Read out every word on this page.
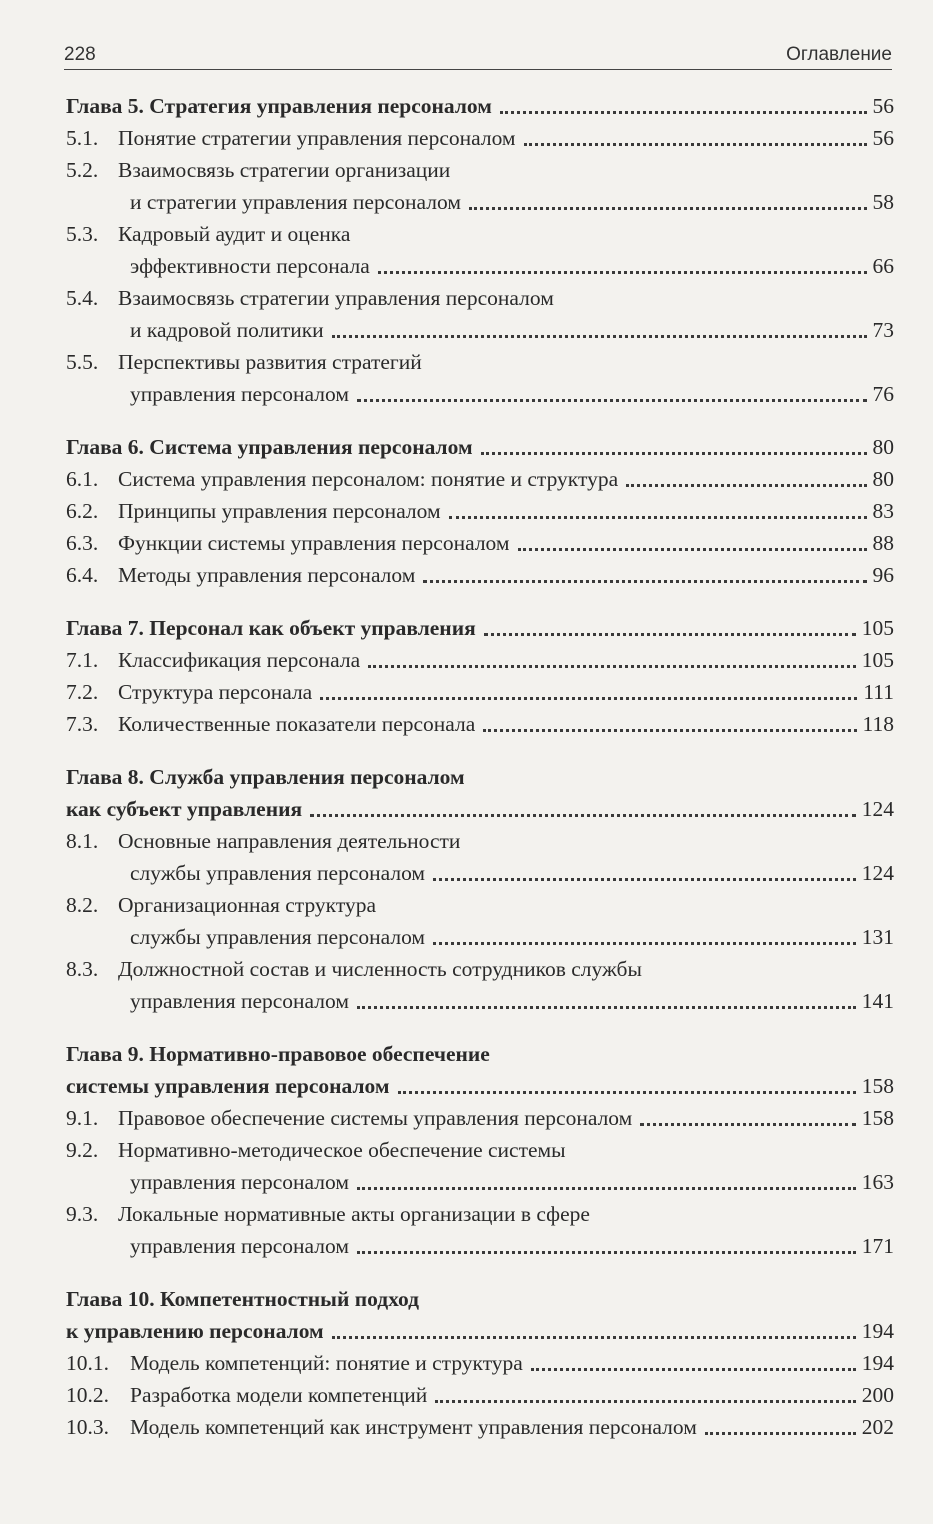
228	Оглавление
Глава 5. Стратегия управления персоналом	56
5.1. Понятие стратегии управления персоналом	56
5.2. Взаимосвязь стратегии организации
и стратегии управления персоналом	58
5.3. Кадровый аудит и оценка
эффективности персонала	66
5.4. Взаимосвязь стратегии управления персоналом
и кадровой политики	73
5.5. Перспективы развития стратегий
управления персоналом	76
Глава 6. Система управления персоналом	80
6.1. Система управления персоналом: понятие и структура	80
6.2. Принципы управления персоналом	83
6.3. Функции системы управления персоналом	88
6.4. Методы управления персоналом	96
Глава 7. Персонал как объект управления	105
7.1. Классификация персонала	105
7.2. Структура персонала	111
7.3. Количественные показатели персонала	118
Глава 8. Служба управления персоналом
как субъект управления	124
8.1. Основные направления деятельности
службы управления персоналом	124
8.2. Организационная структура
службы управления персоналом	131
8.3. Должностной состав и численность сотрудников службы
управления персоналом	141
Глава 9. Нормативно-правовое обеспечение
системы управления персоналом	158
9.1. Правовое обеспечение системы управления персоналом	158
9.2. Нормативно-методическое обеспечение системы
управления персоналом	163
9.3. Локальные нормативные акты организации в сфере
управления персоналом	171
Глава 10. Компетентностный подход
к управлению персоналом	194
10.1. Модель компетенций: понятие и структура	194
10.2. Разработка модели компетенций	200
10.3. Модель компетенций как инструмент управления персоналом	202
